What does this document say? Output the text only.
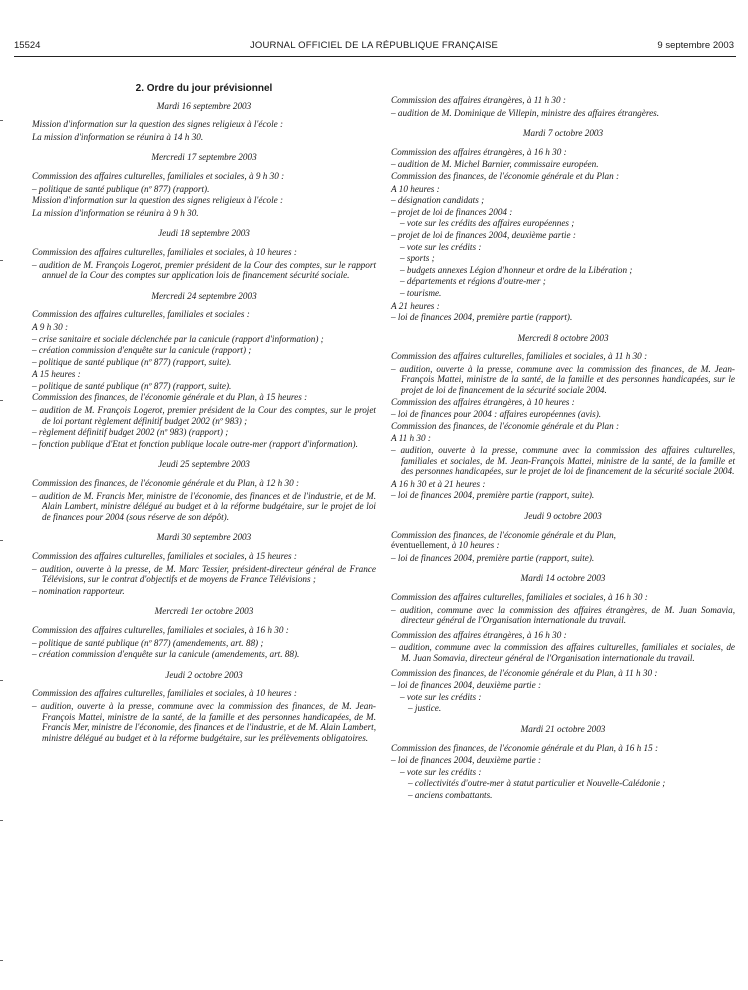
JOURNAL OFFICIEL DE LA RÉPUBLIQUE FRANÇAISE
15524	9 septembre 2003
2. Ordre du jour prévisionnel
Mardi 16 septembre 2003
Mission d'information sur la question des signes religieux à l'école :
La mission d'information se réunira à 14 h 30.
Mercredi 17 septembre 2003
Commission des affaires culturelles, familiales et sociales, à 9 h 30 :
– politique de santé publique (nº 877) (rapport).
Mission d'information sur la question des signes religieux à l'école :
La mission d'information se réunira à 9 h 30.
Jeudi 18 septembre 2003
Commission des affaires culturelles, familiales et sociales, à 10 heures :
– audition de M. François Logerot, premier président de la Cour des comptes, sur le rapport annuel de la Cour des comptes sur application lois de financement sécurité sociale.
Mercredi 24 septembre 2003
Commission des affaires culturelles, familiales et sociales :
A 9 h 30 :
– crise sanitaire et sociale déclenchée par la canicule (rapport d'information) ;
– création commission d'enquête sur la canicule (rapport) ;
– politique de santé publique (nº 877) (rapport, suite).
A 15 heures :
– politique de santé publique (nº 877) (rapport, suite).
Commission des finances, de l'économie générale et du Plan, à 15 heures :
– audition de M. François Logerot, premier président de la Cour des comptes, sur le projet de loi portant règlement définitif budget 2002 (nº 983) ;
– règlement définitif budget 2002 (nº 983) (rapport) ;
– fonction publique d'Etat et fonction publique locale outre-mer (rapport d'information).
Jeudi 25 septembre 2003
Commission des finances, de l'économie générale et du Plan, à 12 h 30 :
– audition de M. Francis Mer, ministre de l'économie, des finances et de l'industrie, et de M. Alain Lambert, ministre délégué au budget et à la réforme budgétaire, sur le projet de loi de finances pour 2004 (sous réserve de son dépôt).
Mardi 30 septembre 2003
Commission des affaires culturelles, familiales et sociales, à 15 heures :
– audition, ouverte à la presse, de M. Marc Tessier, président-directeur général de France Télévisions, sur le contrat d'objectifs et de moyens de France Télévisions ;
– nomination rapporteur.
Mercredi 1er octobre 2003
Commission des affaires culturelles, familiales et sociales, à 16 h 30 :
– politique de santé publique (nº 877) (amendements, art. 88) ;
– création commission d'enquête sur la canicule (amendements, art. 88).
Jeudi 2 octobre 2003
Commission des affaires culturelles, familiales et sociales, à 10 heures :
– audition, ouverte à la presse, commune avec la commission des finances, de M. Jean-François Mattei, ministre de la santé, de la famille et des personnes handicapées, de M. Francis Mer, ministre de l'économie, des finances et de l'industrie, et de M. Alain Lambert, ministre délégué au budget et à la réforme budgétaire, sur les prélèvements obligatoires.
Commission des affaires étrangères, à 11 h 30 :
– audition de M. Dominique de Villepin, ministre des affaires étrangères.
Mardi 7 octobre 2003
Commission des affaires étrangères, à 16 h 30 :
– audition de M. Michel Barnier, commissaire européen.
Commission des finances, de l'économie générale et du Plan :
A 10 heures :
– désignation candidats ;
– projet de loi de finances 2004 :
– vote sur les crédits des affaires européennes ;
– projet de loi de finances 2004, deuxième partie :
– vote sur les crédits :
– sports ;
– budgets annexes Légion d'honneur et ordre de la Libération ;
– départements et régions d'outre-mer ;
– tourisme.
A 21 heures :
– loi de finances 2004, première partie (rapport).
Mercredi 8 octobre 2003
Commission des affaires culturelles, familiales et sociales, à 11 h 30 :
– audition, ouverte à la presse, commune avec la commission des finances, de M. Jean-François Mattei, ministre de la santé, de la famille et des personnes handicapées, sur le projet de loi de financement de la sécurité sociale 2004.
Commission des affaires étrangères, à 10 heures :
– loi de finances pour 2004 : affaires européennes (avis).
Commission des finances, de l'économie générale et du Plan :
A 11 h 30 :
– audition, ouverte à la presse, commune avec la commission des affaires culturelles, familiales et sociales, de M. Jean-François Mattei, ministre de la santé, de la famille et des personnes handicapées, sur le projet de loi de financement de la sécurité sociale 2004.
A 16 h 30 et à 21 heures :
– loi de finances 2004, première partie (rapport, suite).
Jeudi 9 octobre 2003
Commission des finances, de l'économie générale et du Plan,
éventuellement, à 10 heures :
– loi de finances 2004, première partie (rapport, suite).
Mardi 14 octobre 2003
Commission des affaires culturelles, familiales et sociales, à 16 h 30 :
– audition, commune avec la commission des affaires étrangères, de M. Juan Somavia, directeur général de l'Organisation internationale du travail.
Commission des affaires étrangères, à 16 h 30 :
– audition, commune avec la commission des affaires culturelles, familiales et sociales, de M. Juan Somavia, directeur général de l'Organisation internationale du travail.
Commission des finances, de l'économie générale et du Plan, à 11 h 30 :
– loi de finances 2004, deuxième partie :
– vote sur les crédits :
– justice.
Mardi 21 octobre 2003
Commission des finances, de l'économie générale et du Plan, à 16 h 15 :
– loi de finances 2004, deuxième partie :
– vote sur les crédits :
– collectivités d'outre-mer à statut particulier et Nouvelle-Calédonie ;
– anciens combattants.
